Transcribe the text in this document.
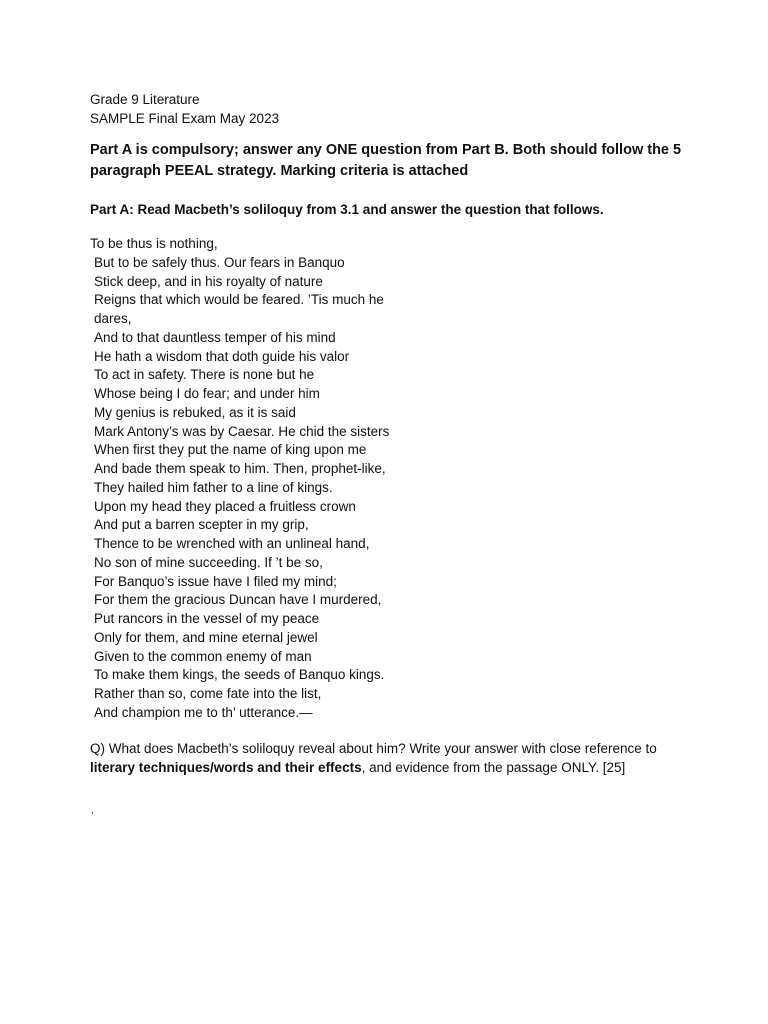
Grade 9 Literature

SAMPLE Final Exam May 2023

Part A is compulsory; answer any ONE question from Part B. Both should follow the 5 paragraph PEEAL strategy. Marking criteria is attached
Part A: Read Macbeth’s soliloquy from 3.1 and answer the question that follows.
To be thus is nothing,
But to be safely thus. Our fears in Banquo
Stick deep, and in his royalty of nature
Reigns that which would be feared. ’Tis much he
dares,
And to that dauntless temper of his mind
He hath a wisdom that doth guide his valor
To act in safety. There is none but he
Whose being I do fear; and under him
My genius is rebuked, as it is said
Mark Antony’s was by Caesar. He chid the sisters
When first they put the name of king upon me
And bade them speak to him. Then, prophet-like,
They hailed him father to a line of kings.
Upon my head they placed a fruitless crown
And put a barren scepter in my grip,
Thence to be wrenched with an unlineal hand,
No son of mine succeeding. If ’t be so,
For Banquo’s issue have I filed my mind;
For them the gracious Duncan have I murdered,
Put rancors in the vessel of my peace
Only for them, and mine eternal jewel
Given to the common enemy of man
To make them kings, the seeds of Banquo kings.
Rather than so, come fate into the list,
And champion me to th’ utterance.—
Q) What does Macbeth’s soliloquy reveal about him? Write your answer with close reference to literary techniques/words and their effects, and evidence from the passage ONLY. [25]
,
